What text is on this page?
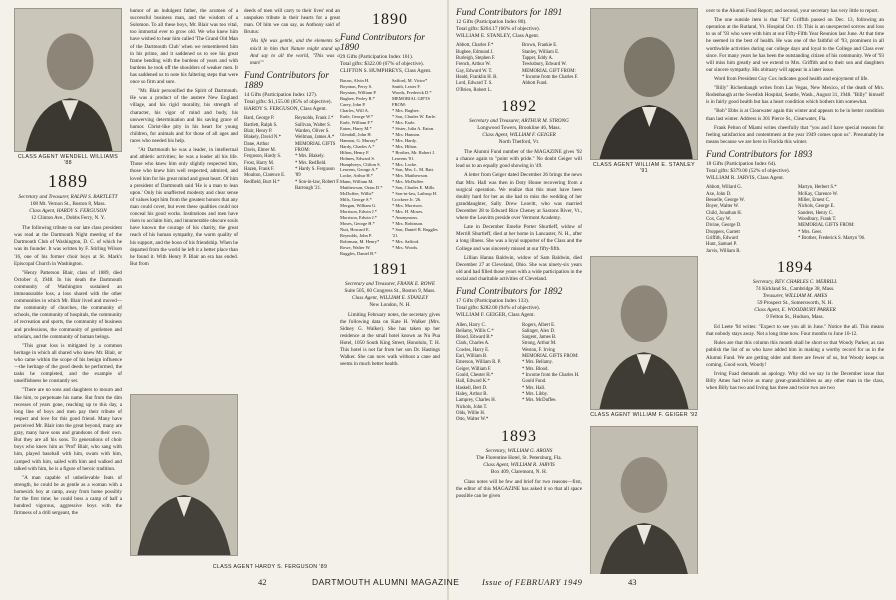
CLASS AGENT WENDELL WILLIAMS '88
1889
Secretary and Treasurer, RALPH S. BARTLETT
108 Mt. Vernon St., Boston 8, Mass.
Class Agent, HARDY S. FERGUSON
12 Clinton Ave., Dobbs Ferry, N. Y.

The following tribute to our late class president was read at the Dartmouth Night meeting of the Dartmouth Club of Washington, D. C. of which he was its founder. It was written by F. Stirling Wilson '16, one of his former choir boys at St. Mark's Episcopal Church in Washington.

"Henry Patterson Blair, class of 1889, died October 4, 1948. In his death the Dartmouth community of Washington sustained an immeasurable loss, a loss shared with the other communities in which Mr. Blair lived and moved—the community of churches, the community of schools, the community of hospitals, the community of recreation and sports, the community of business and professions, the community of gentlemen and scholars, and the community of human beings.

"This great loss is mitigated by a common heritage in which all shared who knew Mr. Blair, or who came within the scope of his benign influence—the heritage of the good deeds he performed, the tasks he completed, and the example of unselfishness he constantly set.

"There are no sons and daughters to mourn and like him, to perpetuate his name. But from the dim recesses of years gone, reaching up to this day, a long line of boys and men pay their tribute of respect and love for this good friend. Many have perceived Mr. Blair into the great beyond, many are gray, many have sons and grandsons of their own. But they are all his sons. To generations of choir boys who knew him as 'Prof' Blair, who sang with him, played baseball with him, swam with him, camped with him, sailed with him and walked and talked with him, he is a figure of heroic tradition.

"A man capable of unbelievable feats of strength, he could be as gentle as a woman with a homesick boy at camp, away from home possibly for the first time; he could boss a camp of half a hundred vigorous, aggressive boys with the firmness of a drill sergeant, the

humor of an indulgent father, the acumen of a successful business man, and the wisdom of a Solomon. To all these boys, Mr. Blair was too vital, too immortal ever to grow old. We who knew him have wished to hear him called 'The Grand Old Man of the Dartmouth Club' when we remembered him in his prime, and it saddened us to see his great frame bending with the burdens of years and with burdens he took off the shoulders of weaker men. It has saddened us to note his faltering steps that were once so firm and sure.

"Mr. Blair personified the Spirit of Dartmouth. He was a product of the austere New England village, and his rigid morality, his strength of character, his vigor of mind and body, his unswerving determination and his saving grace of humor. Christ-like pity in his heart for young children, for animals and for those of all ages and races who needed his help.

"At Dartmouth he was a leader, in intellectual and athletic activities; he was a leader all his life. Those who knew him only slightly respected him, those who knew him well respected, admired, and loved him for his great mind and great heart. Of him a president of Dartmouth said 'He is a man to lean upon.' Only his unaffected modesty and clear sense of values kept him from the greatest honors that any man could covet, but even these qualities could not conceal his good works. Institutions and men have risen to acclaim him, and innumerable obscure souls have known the courage of his charity, the great reach of his human sympathy, the warm quality of his support, and the boon of his friendship. When he departed from the world he left it a better place than he found it. With Henry P. Blair an era has ended. But from

CLASS AGENT HARDY S. FERGUSON '89

deeds of men will carry to their lives' end an unspoken tribute in their hearts for a great man. Of him we can say, as Anthony said of Brutus:

'His life was gentle, and the elements So mix'd in him that Nature might stand up And say to all the world, "This was a man!"'

Fund Contributors for 1889
14 Gifts (Participation Index 127).
Total gifts: $1,155.00 (85% of objective).
HARDY S. FERGUSON, Class Agent.
Bard, George P.
Bartlett, Ralph S.
Blair, Henry P.
Blakely, David N.*
Dane, Arthur
Davis, Elmer M.
Ferguson, Hardy S.
Frost, Harry M.
Hazen, Frank F.
Moulton, Clarence E.
Redfield, Burt H.*
Reynolds, Frank J.*
Sullivan, Walter S.
Warden, Oliver S.
Wellman, James A.*
MEMORIAL GIFTS FROM:
* Mrs. Blakely.
* Mrs. Redfield.
* Hardy S. Ferguson '89
* Son-in-law, Robert F. Barrough '21.
1890
Fund Contributors for 1890
29 Gifts (Participation Index 161).
Total gifts: $322.00 (67% of objective).
CLIFTON S. HUMPHREYS, Class Agent.
Bacon, Alvin H.
Boynton, Perry S.
Boynton, William P.
Bugbee, Perley R.*
Carey, John P.
Charles, Will A.
Earle, George W.*
Earle, William F.*
Eaton, Harry M.*
Glendall, John H.
Hannon, G. Murray*
Hardy, Charles A.*
Hilton, Henry F.
Holmes, Edward S.
Humphreys, Clifton S.
Leavens, George A.*
Locke, Arthur H.*
Mann, William M.
Matthewson, Ozias D.*
McDuffee, Willis*
Mills, George S.*
Morgan, William G.
Morrison, Edwin J.*
Morrison, Edwin J.*
Moses, George H.*
Nutt, Howard E.
Reynolds, John P.
Robinson, M. Henry*
Rowe, Walter W.
Ruggles, Daniel B.*
Safford, M. Victor*
Smith, Lester F.
Woods, Frederick D.*
MEMORIAL GIFTS FROM:
* Mrs. Bugbee.
* Son, Charles W. Earle.
* Mrs. Earle.
* Sister, Julia A. Eaton.
* Mrs. Hannon.
* Mrs. Hardy.
* Mrs. Hilton.
* Brother, Mr. Robert J. Leavens '01.
* Mrs. Locke.
* Son, Mrs. L. M. Batt.
* Mrs. Matthewson.
* Mrs. McDuffee.
* Son, Charles E. Mills.
* Son-in-law, Lathrop H. Crockere Jr. '26.
* Mrs. Morrison.
* Mrs. H. Moses.
* Anonymous.
* Mrs. Robinson.
* Son, Daniel B. Ruggles '21.
* Mrs. Safford.
* Mrs. Woods.
1891
Secretary and Treasurer, FRANK E. ROWE
Suite 505, 60 Congress St., Boston 9, Mass.
Class Agent, WILLIAM E. STANLEY
New London, N. H.

Limiting February notes, the secretary gives the following data on Kate H. Walker (Mrs. Sidney G. Walker). She has taken up her residence at the small hotel known as Nu Pua Hotel, 1050 South King Street, Honolulu, T. H. This hotel is not far from her son Dr. Hastings Walker. She can now walk without a cane and seems in much better health.

Fund Contributors for 1891
12 Gifts (Participation Index 80).
Total gifts: $264.17 (66% of objective).
WILLIAM E. STANLEY, Class Agent.
Abbott, Charles F.*
Bugbee, Edmund J.
Burleigh, Stephen F.
French, Arthur W.
Gay, Edward W. T.
Heald, Franklin H. B.
Lord, Edward T. S.
O'Brien, Robert L.
Brown, Frankie E.
Stanley, William E.
Tapper, Eddy A.
Tewksbury, Edward W.
MEMORIAL GIFT FROM:
* Income from the Charles F. Abbott Fund.
1892
Secretary and Treasurer, ARTHUR M. STRONG
Longwood Towers, Brookline 46, Mass.
Class Agent, WILLIAM F. GEIGER
North Thetford, Vt.

The Alumni Fund number of the MAGAZINE gives '92 a chance again to "point with pride." No doubt Geiger will lead us to an equally good showing in '49.

A letter from Geiger dated December 26 brings the news that Mrs. Hall was then in Doty House recovering from a surgical operation. We realize that this must have been doubly hard for her as she had to miss the wedding of her granddaughter, Sally Drew Leavitt, who was married December 28 to Edward Rice Cheney at Saxtons River, Vt., where the Leavitts preside over Vermont Academy.

Late in December Emelie Porter Shurtleff, widow of Merrill Shurtleff, died at her home in Lancaster, N. H., after a long illness. She was a loyal supporter of the Class and the College and was sincerely missed at our fifty-fifth.

Lillian Hanna Baldwin, widow of Sam Baldwin, died December 27 at Cleveland, Ohio. She was ninety-six years old and had filled those years with a wide participation in the social and charitable activities of Cleveland.

Fund Contributors for 1892
17 Gifts (Participation Index 133).
Total gifts: $282.00 (94% of objective).
WILLIAM F. GEIGER, Class Agent.
Allen, Harry C.
Bellamy, Willis C.*
Blood, Edward B.*
Clark, Charles A.
Cowles, Harry E.
Earl, William B.
Emerson, William R. P.
Geiger, William F.
Gould, Chester H.*
Hall, Edward K.*
Haskell, Bert D.
Haley, Arthur B.
Lamprey, Charles H.
Nichols, John T.
Olds, Willie H.
Otto, Walter W.*
Rogers, Albert E.
Salinger, Alex D.
Sargent, James B.
Strong, Arthur M.
Weston, F. Irving
MEMORIAL GIFTS FROM:
* Mrs. Bellamy.
* Mrs. Blood.
* Income from the Charles H. Gould Fund.
* Mrs. Hall.
* Mrs. Libby.
* Mrs. McDuffee.
1893
Secretary, WILLIAM G. ARONS
The Florentine Hotel, St. Petersburg, Fla.
Class Agent, WILLIAM R. JARVIS
Box 409, Claremont, N. H.

Class notes will be few and brief for two reasons—first, the editor of this MAGAZINE has asked it so that all space possible can be given

CLASS AGENT WILLIAM E. STANLEY '91
CLASS AGENT WILLIAM F. GEIGER '92

over to the Alumni Fund Report; and second, your secretary has very little to report.

The one outside item is that "Ed" Griffith passed on Dec. 13, following an operation at the Rutland, Vt. Hospital Oct. 19. This is an unexpected sorrow and loss to us of '93 who were with him at our Fifty-Fifth Year Reunion last June. At that time he seemed in the best of health. He was one of the faithful of '93, prominent in all worthwhile activities during our college days and loyal to the College and Class ever since. For many years he has been the outstanding citizen of his community. We of '93 will miss him greatly and we extend to Mrs. Griffith and to their son and daughters our sincere sympathy. His obituary will appear in a later issue.

Word from President Guy Cox indicates good health and enjoyment of life.

"Billy" Richenbaugh writes from Las Vegas, New Mexico, of the death of Mrs. Rodenbaugh at the Swedish Hospital, Seattle, Wash., August 31, 1948. "Billy" himself is in fairly good health but has a heart condition which bothers him somewhat.

"Bob" Ebbs is at Clearwater again this winter and appears to be in better condition than last winter. Address is 301 Pierce St., Clearwater, Fla.

Frank Pelton of Miami writes cheerfully that "you and I have special reasons for feeling satisfaction and contentment at the year 1949 comes upon us". Presumably he means because we are here in Florida this winter.

Fund Contributors for 1893
18 Gifts (Participation Index 64).
Total gifts: $379.00 (52% of objective).
WILLIAM R. JARVIS, Class Agent.
Abbott, Willard G.
Axe, John D.
Besselle, George W.
Boyer, Walter W.
Child, Jonathan H.
Cox, Guy W.
Divine, George D.
Droppers, Garrett
Griffith, Edward
Hunt, Samuel P.
Jarvis, William R.
Martyn, Herbert S.*
McKay, Clarence W.
Miller, Ernest C.
Nichols, George E.
Sanders, Henry C.
Woodbury, Frank T.
MEMORIAL GIFTS FROM:
* Mrs. Geer.
* Brother, Frederick S. Martyn '96.
1894
Secretary, REV. CHARLES C. MERRILL
74 Kirkland St., Cambridge 38, Mass.
Treasurer, WILLIAM M. AMES
59 Prospect St., Somersworth, N. H.
Class Agent, E. WOODBURY PARKER
9 Felton St., Hudson, Mass.

Ed Leete '94 writes: "Expect to see you all in June." Notice the all. This means that nobody stays away. Not a long time now. Four months to June 10-12.

Rules are that this column this month shall be short so that Woody Parker, as can publish the list of us who have added him in making a worthy record for us in the Alumni Fund. We are getting older and there are fewer of us, but Woody keeps us coming. Good work, Woody!

Irving Fuad demands an apology. Why did we say in the December issue that Billy Ames had twice as many great-grandchildren as any other man in the class, when Billy has two and Irving has three and twice two are two

42	DARTMOUTH ALUMNI MAGAZINE	Issue of FEBRUARY 1949	43
